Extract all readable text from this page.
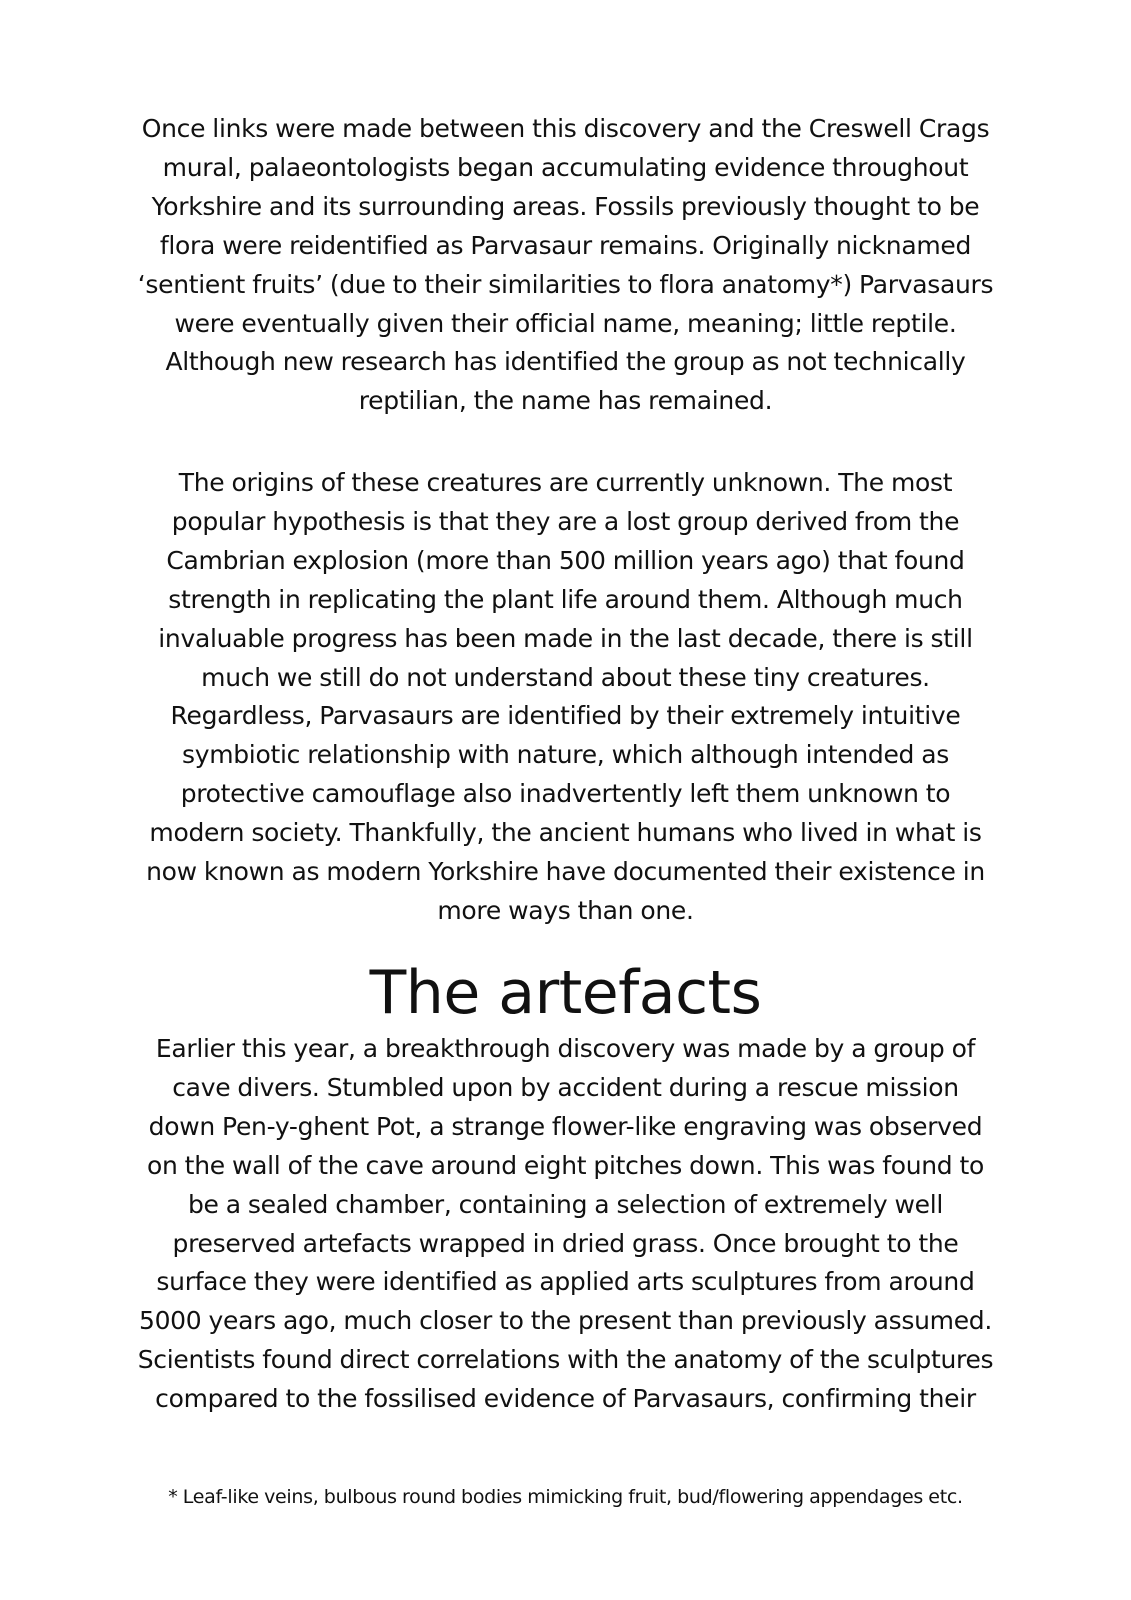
Once links were made between this discovery and the Creswell Crags
mural, palaeontologists began accumulating evidence throughout
Yorkshire and its surrounding areas. Fossils previously thought to be
flora were reidentified as Parvasaur remains. Originally nicknamed
‘sentient fruits’ (due to their similarities to flora anatomy*) Parvasaurs
were eventually given their official name, meaning; little reptile.
Although new research has identified the group as not technically
reptilian, the name has remained.

The origins of these creatures are currently unknown. The most
popular hypothesis is that they are a lost group derived from the
Cambrian explosion (more than 500 million years ago) that found
strength in replicating the plant life around them. Although much
invaluable progress has been made in the last decade, there is still
much we still do not understand about these tiny creatures.
Regardless, Parvasaurs are identified by their extremely intuitive
symbiotic relationship with nature, which although intended as
protective camouflage also inadvertently left them unknown to
modern society. Thankfully, the ancient humans who lived in what is
now known as modern Yorkshire have documented their existence in
more ways than one.

The artefacts

Earlier this year, a breakthrough discovery was made by a group of
cave divers. Stumbled upon by accident during a rescue mission
down Pen-y-ghent Pot, a strange flower-like engraving was observed
on the wall of the cave around eight pitches down. This was found to
be a sealed chamber, containing a selection of extremely well
preserved artefacts wrapped in dried grass. Once brought to the
surface they were identified as applied arts sculptures from around
5000 years ago, much closer to the present than previously assumed.
Scientists found direct correlations with the anatomy of the sculptures
compared to the fossilised evidence of Parvasaurs, confirming their

* Leaf-like veins, bulbous round bodies mimicking fruit, bud/flowering appendages etc.
